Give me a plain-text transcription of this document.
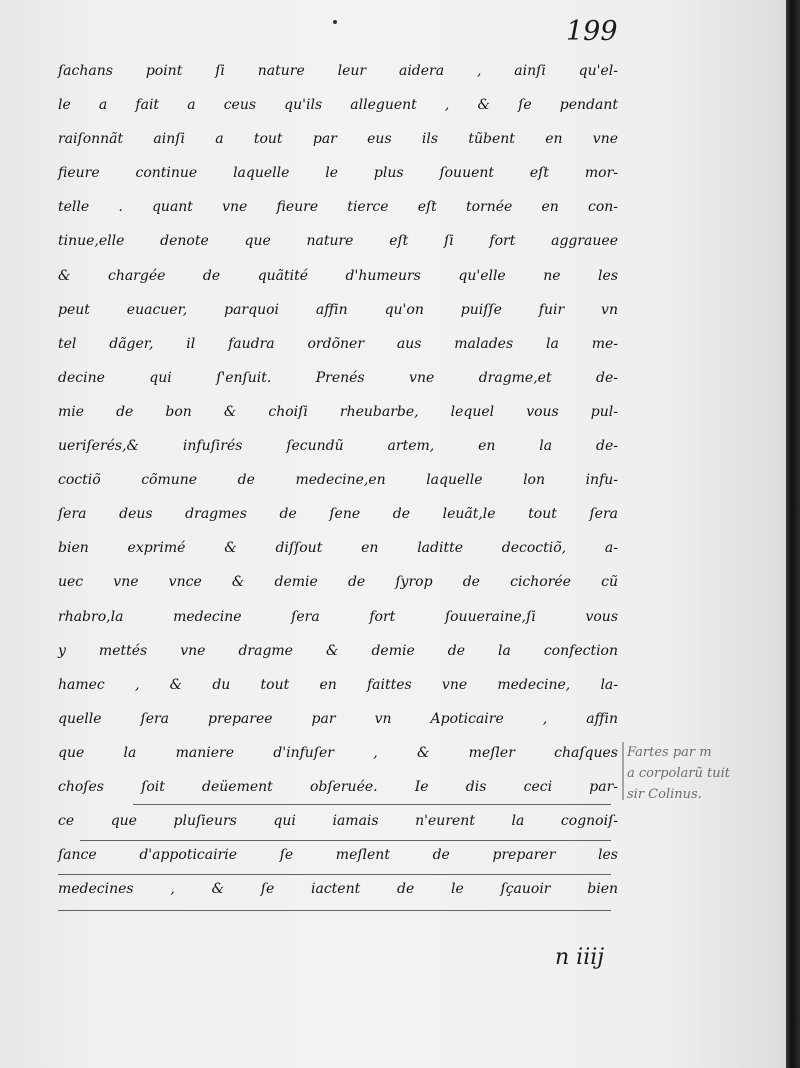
199
ſachans point ſi nature leur aidera , ainſi qu'el-
le a fait a ceus qu'ils alleguent , & ſe pendant
raiſonnãt ainſi a tout par eus ils tũbent en vne
fieure continue laquelle le plus ſouuent eſt mor-
telle . quant vne fieure tierce eſt tornée en con-
tinue,elle denote que nature eſt ſi fort aggrauee
& chargée de quãtité d'humeurs qu'elle ne les
peut euacuer, parquoi affin qu'on puiſſe fuir vn
tel dãger, il faudra ordõner aus malades la me-
decine qui ſ'enſuit. Prenés vne dragme,et de-
mie de bon & choiſi rheubarbe, lequel vous pul-
ueriſerés,& infuſirés ſecundũ artem, en la de-
coctiõ cõmune de medecine,en laquelle lon infu-
ſera deus dragmes de ſene de leuãt,le tout ſera
bien exprimé & diſſout en laditte decoctiõ, a-
uec vne vnce & demie de ſyrop de cichorée cũ
rhabro,la medecine ſera fort ſouueraine,ſi vous
y mettés vne dragme & demie de la confection
hamec , & du tout en faittes vne medecine, la-
quelle ſera preparee par vn Apoticaire , affin
que la maniere d'infuſer , & meſler chaſques
choſes ſoit deüement obſeruée. Ie dis ceci par-
ce que pluſieurs qui iamais n'eurent la cognoiſ-
ſance d'appoticairie ſe meſlent de preparer les
medecines , & ſe iactent de le ſçauoir bien
n iiij
Fartes par m
a corpolarũ tuit
sir Colinus.
